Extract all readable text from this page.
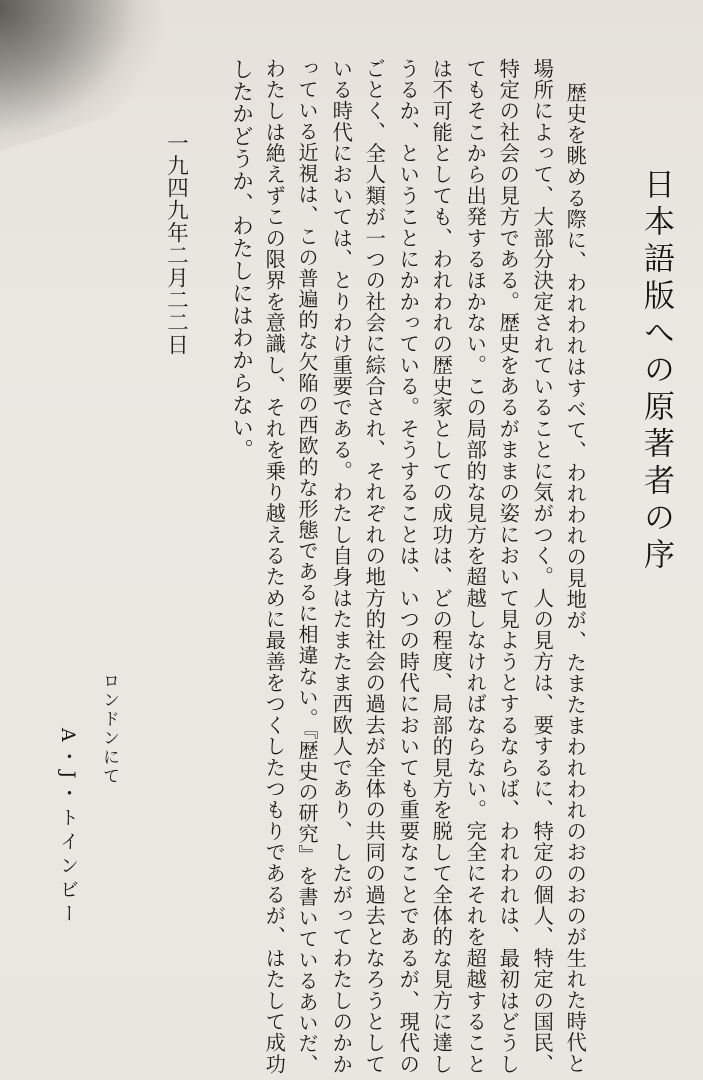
日本語版への原著者の序
歴史を眺める際に、われわれはすべて、われわれの見地が、たまたまわれわれのおのおのが生れた時代と
場所によって、大部分決定されていることに気がつく。人の見方は、要するに、特定の個人、特定の国民、
特定の社会の見方である。歴史をあるがままの姿において見ようとするならば、われわれは、最初はどうし
てもそこから出発するほかない。この局部的な見方を超越しなければならない。完全にそれを超越すること
は不可能としても、われわれの歴史家としての成功は、どの程度、局部的見方を脱して全体的な見方に達し
うるか、ということにかかっている。そうすることは、いつの時代においても重要なことであるが、現代の
ごとく、全人類が一つの社会に綜合され、それぞれの地方的社会の過去が全体の共同の過去となろうとして
いる時代においては、とりわけ重要である。わたし自身はたまたま西欧人であり、したがってわたしのかか
っている近視は、この普遍的な欠陥の西欧的な形態であるに相違ない。『歴史の研究』を書いているあいだ、
わたしは絶えずこの限界を意識し、それを乗り越えるために最善をつくしたつもりであるが、はたして成功
したかどうか、わたしにはわからない。
一九四九年二月二二日
ロンドンにて
A・J・トインビー
